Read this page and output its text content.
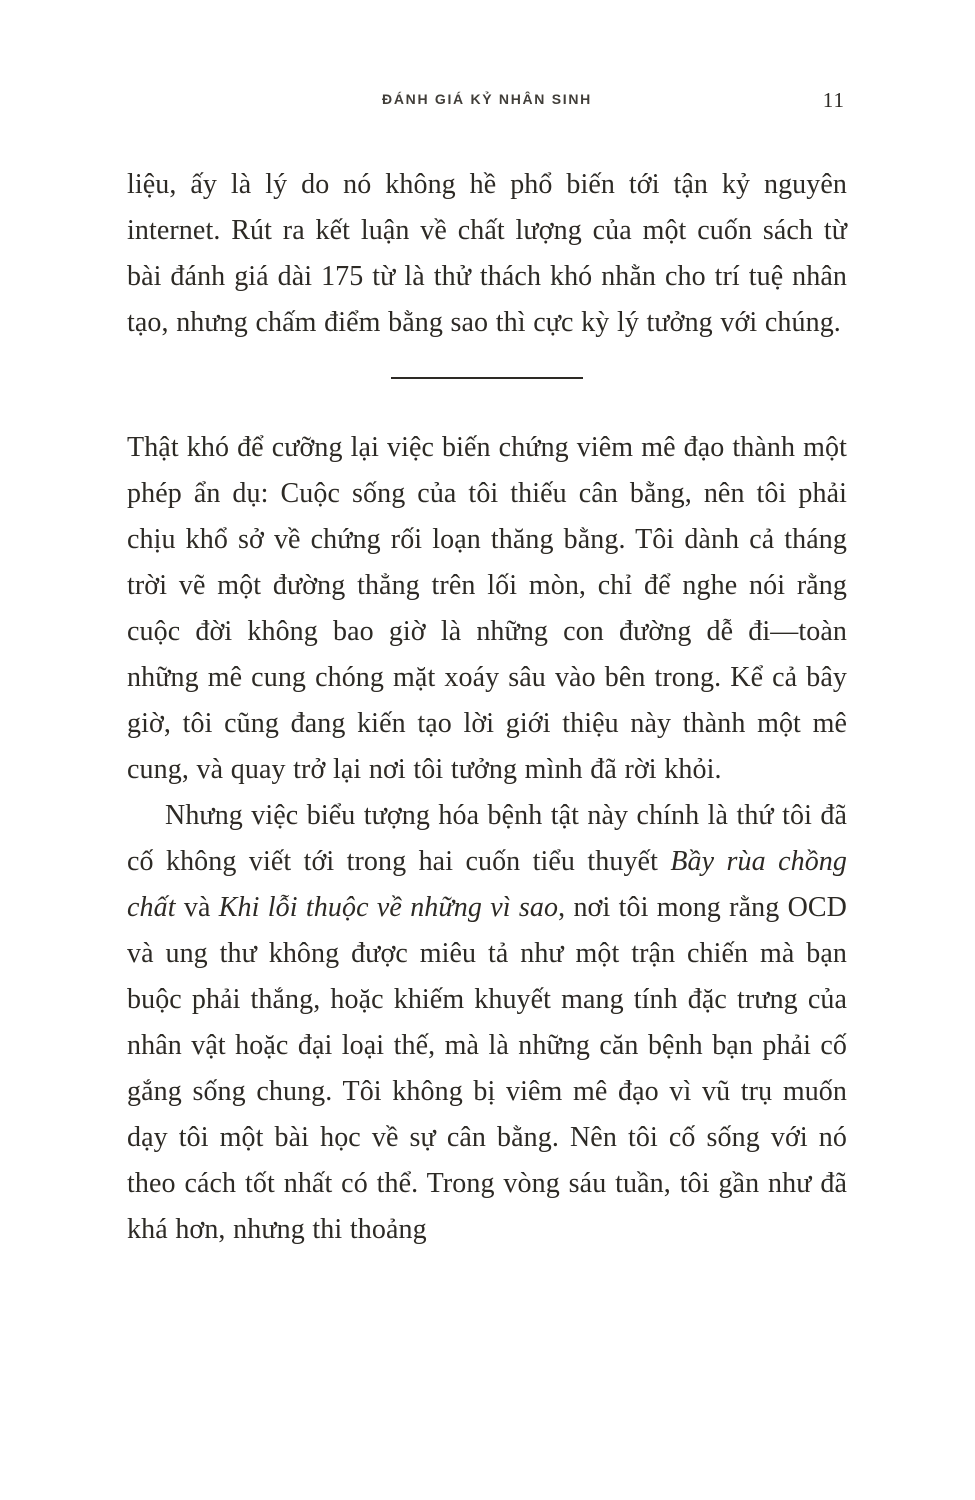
ĐÁNH GIÁ KỶ NHÂN SINH	11

liệu, ấy là lý do nó không hề phổ biến tới tận kỷ nguyên internet. Rút ra kết luận về chất lượng của một cuốn sách từ bài đánh giá dài 175 từ là thử thách khó nhằn cho trí tuệ nhân tạo, nhưng chấm điểm bằng sao thì cực kỳ lý tưởng với chúng.

Thật khó để cưỡng lại việc biến chứng viêm mê đạo thành một phép ẩn dụ: Cuộc sống của tôi thiếu cân bằng, nên tôi phải chịu khổ sở về chứng rối loạn thăng bằng. Tôi dành cả tháng trời vẽ một đường thẳng trên lối mòn, chỉ để nghe nói rằng cuộc đời không bao giờ là những con đường dễ đi—toàn những mê cung chóng mặt xoáy sâu vào bên trong. Kể cả bây giờ, tôi cũng đang kiến tạo lời giới thiệu này thành một mê cung, và quay trở lại nơi tôi tưởng mình đã rời khỏi.

Nhưng việc biểu tượng hóa bệnh tật này chính là thứ tôi đã cố không viết tới trong hai cuốn tiểu thuyết Bầy rùa chồng chất và Khi lỗi thuộc về những vì sao, nơi tôi mong rằng OCD và ung thư không được miêu tả như một trận chiến mà bạn buộc phải thắng, hoặc khiếm khuyết mang tính đặc trưng của nhân vật hoặc đại loại thế, mà là những căn bệnh bạn phải cố gắng sống chung. Tôi không bị viêm mê đạo vì vũ trụ muốn dạy tôi một bài học về sự cân bằng. Nên tôi cố sống với nó theo cách tốt nhất có thể. Trong vòng sáu tuần, tôi gần như đã khá hơn, nhưng thi thoảng
